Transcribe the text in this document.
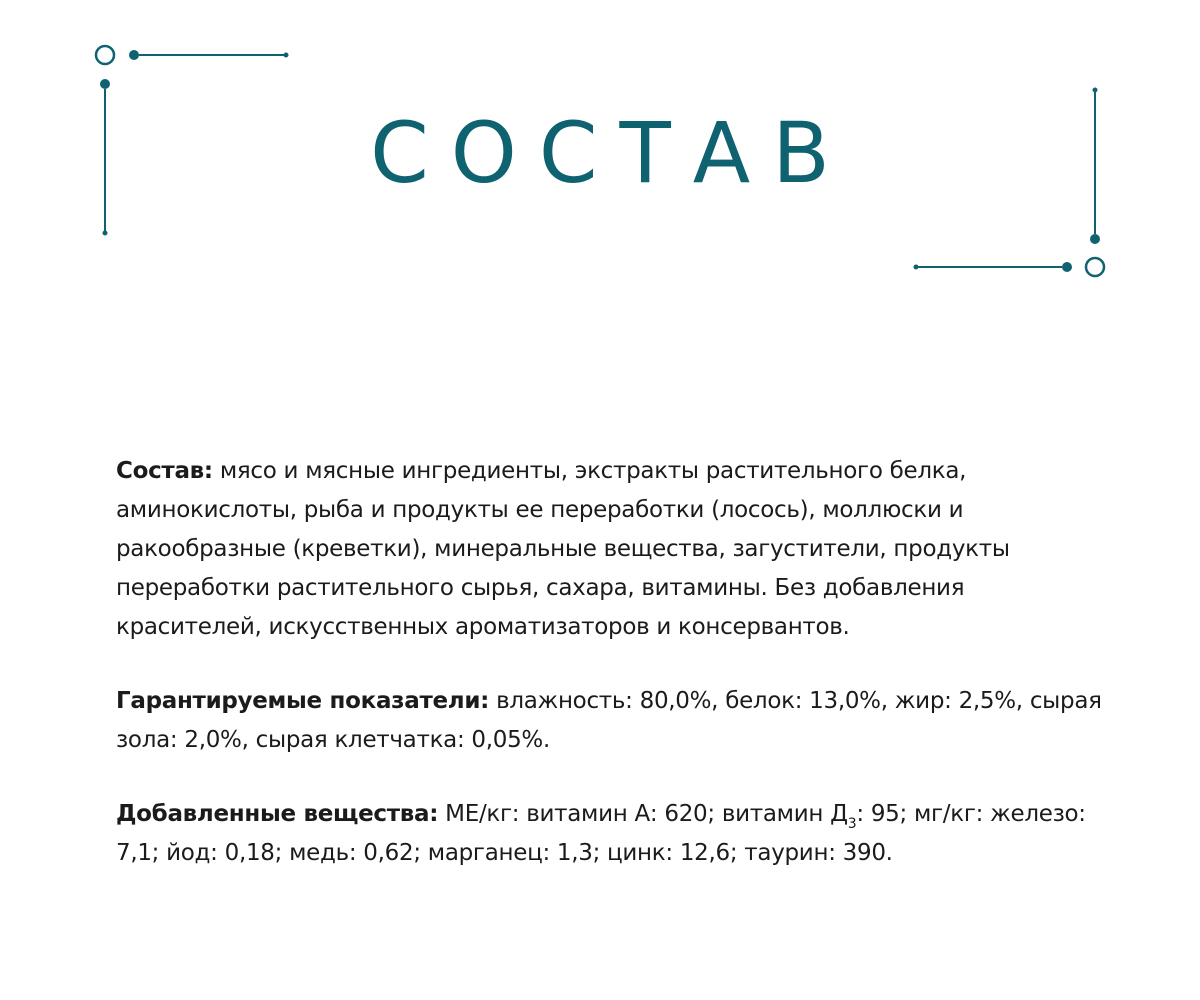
СОСТАВ

Состав: мясо и мясные ингредиенты, экстракты растительного белка, аминокислоты, рыба и продукты ее переработки (лосось), моллюски и ракообразные (креветки), минеральные вещества, загустители, продукты переработки растительного сырья, сахара, витамины. Без добавления красителей, искусственных ароматизаторов и консервантов.

Гарантируемые показатели: влажность: 80,0%, белок: 13,0%, жир: 2,5%, сырая зола: 2,0%, сырая клетчатка: 0,05%.

Добавленные вещества: МЕ/кг: витамин А: 620; витамин $Д_3$: 95; мг/кг: железо: 7,1; йод: 0,18; медь: 0,62; марганец: 1,3; цинк: 12,6; таурин: 390.
